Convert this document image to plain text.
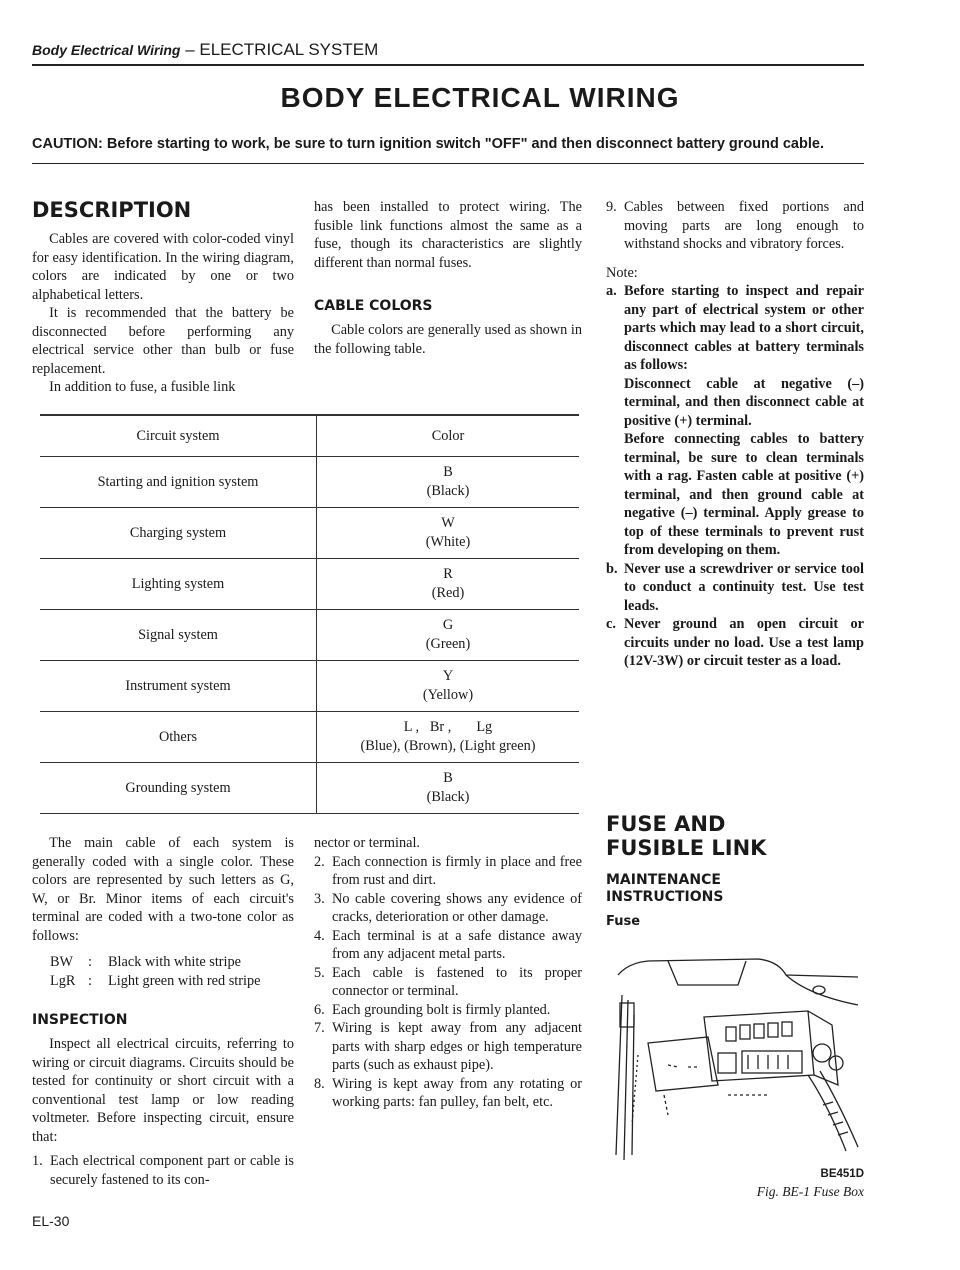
Body Electrical Wiring – ELECTRICAL SYSTEM
BODY ELECTRICAL WIRING
CAUTION: Before starting to work, be sure to turn ignition switch "OFF" and then disconnect battery ground cable.
DESCRIPTION

Cables are covered with color-coded vinyl for easy identification. In the wiring diagram, colors are indicated by one or two alphabetical letters.

It is recommended that the battery be disconnected before performing any electrical service other than bulb or fuse replacement.

In addition to fuse, a fusible link

has been installed to protect wiring. The fusible link functions almost the same as a fuse, though its characteristics are slightly different than normal fuses.

CABLE COLORS

Cable colors are generally used as shown in the following table.

Circuit system	Color
Starting and ignition system	B
(Black)

Charging system	W
(White)

Lighting system	R
(Red)

Signal system	G
(Green)

Instrument system	Y
(Yellow)

Others	L ,   Br ,       Lg
(Blue), (Brown), (Light green)

Grounding system	B
(Black)

The main cable of each system is generally coded with a single color. These colors are represented by such letters as G, W, or Br. Minor items of each circuit's terminal are coded with a two-tone color as follows:

BW	:	Black with white stripe
LgR :	Light green with red stripe
INSPECTION

Inspect all electrical circuits, referring to wiring or circuit diagrams. Circuits should be tested for continuity or short circuit with a conventional test lamp or low reading voltmeter. Before inspecting circuit, ensure that:

1. Each electrical component part or cable is securely fastened to its con-
EL-30

nector or terminal.

2. Each connection is firmly in place and free from rust and dirt.
3. No cable covering shows any evidence of cracks, deterioration or other damage.
4. Each terminal is at a safe distance away from any adjacent metal parts.
5. Each cable is fastened to its proper connector or terminal.
6. Each grounding bolt is firmly planted.
7. Wiring is kept away from any adjacent parts with sharp edges or high temperature parts (such as exhaust pipe).
8. Wiring is kept away from any rotating or working parts: fan pulley, fan belt, etc.
9. Cables between fixed portions and moving parts are long enough to withstand shocks and vibratory forces.

Note:

a. Before starting to inspect and repair any part of electrical system or other parts which may lead to a short circuit, disconnect cables at battery terminals as follows:
Disconnect cable at negative (–) terminal, and then disconnect cable at positive (+) terminal.
Before connecting cables to battery terminal, be sure to clean terminals with a rag. Fasten cable at positive (+) terminal, and then ground cable at negative (–) terminal. Apply grease to top of these terminals to prevent rust from developing on them.
b. Never use a screwdriver or service tool to conduct a continuity test. Use test leads.
c. Never ground an open circuit or circuits under no load. Use a test lamp (12V-3W) or circuit tester as a load.
FUSE AND
FUSIBLE LINK
MAINTENANCE
INSTRUCTIONS
Fuse
BE451D
Fig. BE-1 Fuse Box
